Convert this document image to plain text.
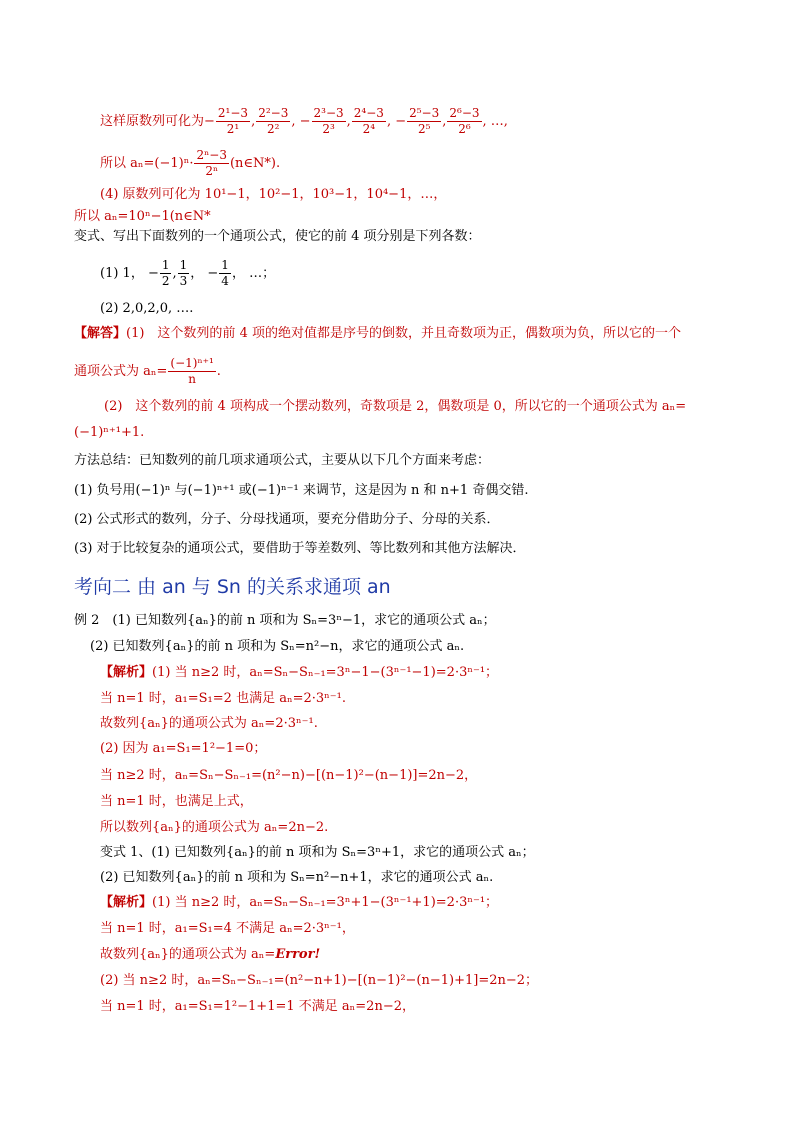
这样原数列可化为− $\frac{\text{2¹−3}}{\text{2¹}}$ , $\frac{\text{2²−3}}{\text{2²}}$ , − $\frac{\text{2³−3}}{\text{2³}}$ , $\frac{\text{2⁴−3}}{\text{2⁴}}$ , − $\frac{\text{2⁵−3}}{\text{2⁵}}$ , $\frac{\text{2⁶−3}}{\text{2⁶}}$ , …,
所以 $a_n=(-1)^n\cdot \frac{\text{2ⁿ−3}}{\text{2ⁿ}}$ (n∈N*).
(4) 原数列可化为 10¹−1，10²−1，10³−1，10⁴−1，…，
所以 aₙ=10ⁿ−1(n∈N*
变式、写出下面数列的一个通项公式，使它的前 4 项分别是下列各数：
(1) 1， − $\frac{1}{2}$ , $\frac{1}{3}$ ， − $\frac{1}{4}$ ， …；
(2) 2,0,2,0, ….
【解答】(1)　这个数列的前 4 项的绝对值都是序号的倒数，并且奇数项为正，偶数项为负，所以它的一个
通项公式为 $a_n= \frac{\text{(−1)ⁿ⁺¹}}{n}$ .
(2)　这个数列的前 4 项构成一个摆动数列，奇数项是 2，偶数项是 0，所以它的一个通项公式为 aₙ=
(−1)ⁿ⁺¹+1.
方法总结：已知数列的前几项求通项公式，主要从以下几个方面来考虑：
(1) 负号用(−1)ⁿ 与(−1)ⁿ⁺¹ 或(−1)ⁿ⁻¹ 来调节，这是因为 n 和 n+1 奇偶交错.
(2) 公式形式的数列，分子、分母找通项，要充分借助分子、分母的关系．
(3) 对于比较复杂的通项公式，要借助于等差数列、等比数列和其他方法解决．
考向二 由 an 与 Sn 的关系求通项 an
例 2　(1) 已知数列{aₙ}的前 n 项和为 Sₙ=3ⁿ−1，求它的通项公式 aₙ；
(2) 已知数列{aₙ}的前 n 项和为 Sₙ=n²−n，求它的通项公式 aₙ.
【解析】(1) 当 n≥2 时，aₙ=Sₙ−Sₙ₋₁=3ⁿ−1−(3ⁿ⁻¹−1)=2·3ⁿ⁻¹；
当 n=1 时，a₁=S₁=2 也满足 aₙ=2·3ⁿ⁻¹.
故数列{aₙ}的通项公式为 aₙ=2·3ⁿ⁻¹.
(2) 因为 a₁=S₁=1²−1=0；
当 n≥2 时，aₙ=Sₙ−Sₙ₋₁=(n²−n)−[(n−1)²−(n−1)]=2n−2，
当 n=1 时，也满足上式，
所以数列{aₙ}的通项公式为 aₙ=2n−2.
变式 1、(1) 已知数列{aₙ}的前 n 项和为 Sₙ=3ⁿ+1，求它的通项公式 aₙ；
(2) 已知数列{aₙ}的前 n 项和为 Sₙ=n²−n+1，求它的通项公式 aₙ.
【解析】(1) 当 n≥2 时，aₙ=Sₙ−Sₙ₋₁=3ⁿ+1−(3ⁿ⁻¹+1)=2·3ⁿ⁻¹；
当 n=1 时，a₁=S₁=4 不满足 aₙ=2·3ⁿ⁻¹，
故数列{aₙ}的通项公式为 aₙ=Error!
(2) 当 n≥2 时，aₙ=Sₙ−Sₙ₋₁=(n²−n+1)−[(n−1)²−(n−1)+1]=2n−2；
当 n=1 时，a₁=S₁=1²−1+1=1 不满足 aₙ=2n−2，
